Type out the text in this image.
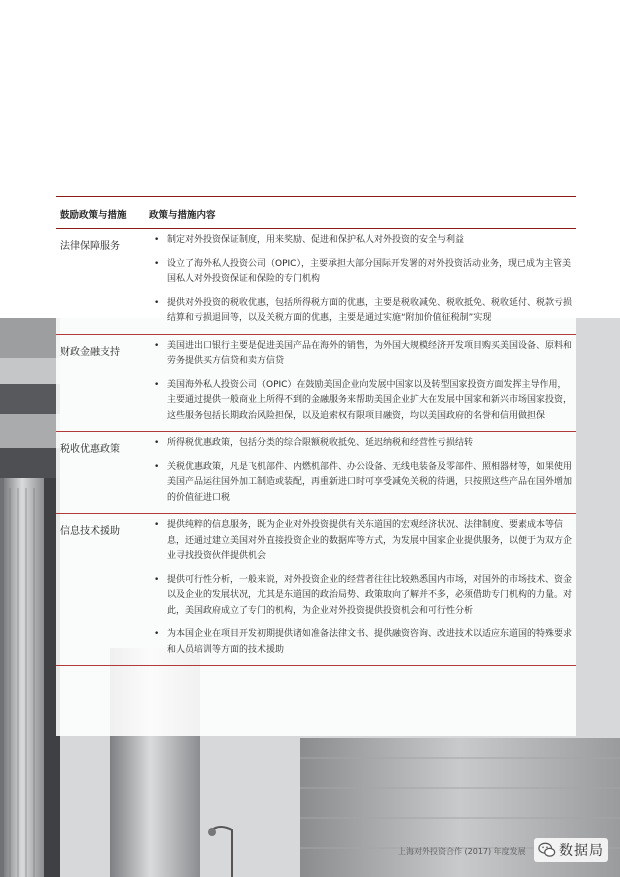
鼓励政策与措施	政策与措施内容
法律保障服务
• 制定对外投资保证制度，用来奖励、促进和保护私人对外投资的安全与利益
• 设立了海外私人投资公司（OPIC），主要承担大部分国际开发署的对外投资活动业务，现已成为主管美国私人对外投资保证和保险的专门机构
• 提供对外投资的税收优惠，包括所得税方面的优惠，主要是税收减免、税收抵免、税收延付、税款亏损结算和亏损退回等，以及关税方面的优惠，主要是通过实施“附加价值征税制”实现
财政金融支持
• 美国进出口银行主要是促进美国产品在海外的销售，为外国大规模经济开发项目购买美国设备、原料和劳务提供买方信贷和卖方信贷
• 美国海外私人投资公司（OPIC）在鼓励美国企业向发展中国家以及转型国家投资方面发挥主导作用，主要通过提供一般商业上所得不到的金融服务来帮助美国企业扩大在发展中国家和新兴市场国家投资，这些服务包括长期政治风险担保，以及追索权有限项目融资，均以美国政府的名誉和信用做担保
税收优惠政策
• 所得税优惠政策，包括分类的综合限额税收抵免、延迟纳税和经营性亏损结转
• 关税优惠政策，凡是飞机部件、内燃机部件、办公设备、无线电装备及零部件、照相器材等，如果使用美国产品运往国外加工制造或装配，再重新进口时可享受减免关税的待遇，只按照这些产品在国外增加的价值征进口税
信息技术援助
• 提供纯粹的信息服务，既为企业对外投资提供有关东道国的宏观经济状况、法律制度、要素成本等信息，还通过建立美国对外直接投资企业的数据库等方式，为发展中国家企业提供服务，以便于为双方企业寻找投资伙伴提供机会
• 提供可行性分析，一般来说，对外投资企业的经营者往往比较熟悉国内市场，对国外的市场技术、资金以及企业的发展状况，尤其是东道国的政治局势、政策取向了解并不多，必须借助专门机构的力量。对此，美国政府成立了专门的机构，为企业对外投资提供投资机会和可行性分析
• 为本国企业在项目开发初期提供诸如准备法律文书、提供融资咨询、改进技术以适应东道国的特殊要求和人员培训等方面的技术援助
上海对外投资合作 (2017) 年度发展 数据局
